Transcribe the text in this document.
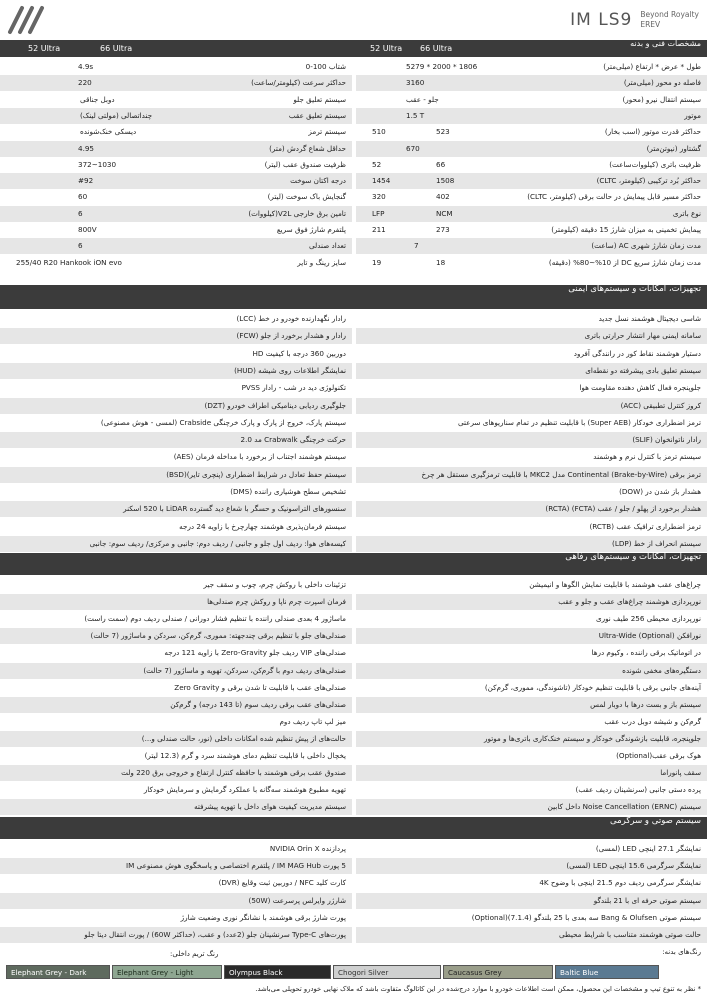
IM LS9 Beyond Royalty
EREV
مشخصات فنی و بدنه
52 Ultra 66 Ultra
52 Ultra	66 Ultra
طول * عرض * ارتفاع (میلی‌متر)
5279 * 2000 * 1806
فاصله دو محور (میلی‌متر)
3160
سیستم انتقال نیرو (محور)
جلو - عقب
موتور
1.5 T
حداکثر قدرت موتور (اسب بخار)
510	523
گشتاور (نیوتن‌متر)
670
ظرفیت باتری (کیلووات‌ساعت)
52	66
حداکثر بُرد ترکیبی (کیلومتر، CLTC)
1454	1508
حداکثر مسیر قابل پیمایش در حالت برقی (کیلومتر، CLTC)
320	402
نوع باتری
LFP	NCM
پیمایش تخمینی به میزان شارژ 15 دقیقه (کیلومتر)
211	273
مدت زمان شارژ شهری AC (ساعت)
7
مدت زمان شارژ سریع DC از 10%~80% (دقیقه)
19	18
شتاب 100-0
4.9s
حداکثر سرعت (کیلومتر/ساعت)
220
سیستم تعلیق جلو
دوبل جناقی
سیستم تعلیق عقب
چنداتصالی (مولتی لینک)
سیستم ترمز
دیسکی خنک‌شونده
حداقل شعاع گردش (متر)
4.95
ظرفیت صندوق عقب (لیتر)
372~1030
درجه اکتان سوخت
#92
گنجایش باک سوخت (لیتر)
60
تامین برق خارجی V2L(کیلووات)
6
پلتفرم شارژ فوق سریع
800V
تعداد صندلی
6
سایز رینگ و تایر
255/40 R20 Hankook iON evo
تجهیزات، امکانات و سیستم‌های ایمنی
شاسی دیجیتال هوشمند نسل جدید
سامانه ایمنی مهار انتشار حرارتی باتری
دستیار هوشمند نقاط کور در رانندگی آفرود
سیستم تعلیق بادی پیشرفته دو نقطه‌ای
جلوپنجره فعال کاهش دهنده مقاومت هوا
کروز کنترل تطبیقی (ACC)
ترمز اضطراری خودکار (Super AEB) با قابلیت تنظیم در تمام سناریوهای سرعتی
رادار ناتوانخوان (SLIF)
سیستم ترمز با کنترل نرم و هوشمند
ترمز برقی Continental (Brake-by-Wire) مدل MKC2 با قابلیت ترمزگیری مستقل هر چرخ
هشدار باز شدن در (DOW)
هشدار برخورد از پهلو / جلو / عقب (FCTA) (RCTA)
ترمز اضطراری ترافیک عقب (RCTB)
سیستم انحراف از خط (LDP)
رادار نگهدارنده خودرو در خط (LCC)
رادار و هشدار برخورد از جلو (FCW)
دوربین 360 درجه با کیفیت HD
نمایشگر اطلاعات روی شیشه (HUD)
تکنولوژی دید در شب - رادار PVSS
جلوگیری ردیابی دینامیکی اطراف خودرو (DZT)
سیستم پارک، خروج از پارک و پارک خرچنگی Crabside (لمسی - هوش مصنوعی)
حرکت خرچنگی Crabwalk مد 2.0
سیستم هوشمند اجتناب از برخورد با مداخله فرمان (AES)
سیستم حفظ تعادل در شرایط اضطراری (پنچری تایر)(BSD)
تشخیص سطح هوشیاری راننده (DMS)
سنسورهای التراسونیک و حسگر با شعاع دید گسترده LiDAR با 520 اسکنر
سیستم فرمان‌پذیری هوشمند چهارچرخ با زاویه 24 درجه
کیسه‌های هوا: ردیف اول جلو و جانبی / ردیف دوم: جانبی و مرکزی/ ردیف سوم: جانبی
تجهیزات، امکانات و سیستم‌های رفاهی
چراغ‌های عقب هوشمند با قابلیت نمایش الگوها و انیمیشن
نورپردازی هوشمند چراغ‌های عقب و جلو و عقب
نورپردازی محیطی 256 طیف نوری
نورافکن Ultra-Wide (Optional)
در اتوماتیک برقی راننده ، وکیوم درها
دستگیره‌های مخفی شونده
آینه‌های جانبی برقی با قابلیت تنظیم خودکار (تاشوندگی، مموری، گرم‌کن)
سیستم باز و بست درها با دوبار لمس
گرم‌کن و شیشه دوبل درب عقب
جلوپنجره، قابلیت بازشوندگی خودکار و سیستم خنک‌کاری باتری‌ها و موتور
هوک برقی عقب(Optional)
سقف پانوراما
پرده دستی جانبی (سرنشینان ردیف عقب)
سیستم Noise Cancellation (ERNC) داخل کابین
تزئینات داخلی با روکش چرم، چوب و سقف جیر
فرمان اسپرت چرم ناپا و روکش چرم صندلی‌ها
ماساژور 4 بعدی صندلی راننده با تنظیم فشار دورانی / صندلی ردیف دوم (سمت راست)
صندلی‌های جلو با تنظیم برقی چندجهته: مموری، گرم‌کن، سردکن و ماساژور (7 حالت)
صندلی‌های VIP ردیف جلو Zero-Gravity با زاویه 121 درجه
صندلی‌های ردیف دوم با گرم‌کن، سردکن، تهویه و ماساژور (7 حالت)
صندلی‌های عقب با قابلیت تا شدن برقی و Zero Gravity
صندلی‌های عقب برقی ردیف سوم (تا 143 درجه) و گرم‌کن
میز لپ تاپ ردیف دوم
حالت‌های از پیش تنظیم شده امکانات داخلی (نور، حالت صندلی و...)
یخچال داخلی با قابلیت تنظیم دمای هوشمند سرد و گرم (12.3 لیتر)
صندوق عقب برقی هوشمند با حافظه کنترل ارتفاع و خروجی برق 220 ولت
تهویه مطبوع هوشمند سه‌گانه با عملکرد گرمایش و سرمایش خودکار
سیستم مدیریت کیفیت هوای داخل با تهویه پیشرفته
سیستم صوتی و سرگرمی
نمایشگر 27.1 اینچی LED (لمسی)
نمایشگر سرگرمی 15.6 اینچی LED (لمسی)
نمایشگر سرگرمی ردیف دوم 21.5 اینچی با وضوح 4K
سیستم صوتی حرفه ای با 21 بلندگو
سیستم صوتی Bang & Olufsen سه بعدی با 25 بلندگو (7.1.4)(Optional)
حالت صوتی هوشمند متناسب با شرایط محیطی
پردازنده NVIDIA Orin X
5 پورت IM MAG Hub / پلتفرم اختصاصی و پاسخگوی هوش مصنوعی IM
کارت کلید NFC / دوربین ثبت وقایع (DVR)
شارژر وایرلس پرسرعت (50W)
پورت شارژ برقی هوشمند با نشانگر نوری وضعیت شارژ
پورت‌های Type-C سرنشینان جلو (2عدد) و عقب، (حداکثر 60W) / پورت انتقال دیتا جلو
رنگ‌های بدنه:
رنگ تریم داخلی:
Elephant Grey - Dark	Elephant Grey - Light	Olympus Black	Chogori Silver	Caucasus Grey	Baltic Blue
* نظر به تنوع تیپ و مشخصات این محصول، ممکن است اطلاعات خودرو با موارد درج‌شده در این کاتالوگ متفاوت باشد که ملاک نهایی خودرو تحویلی می‌باشد.
